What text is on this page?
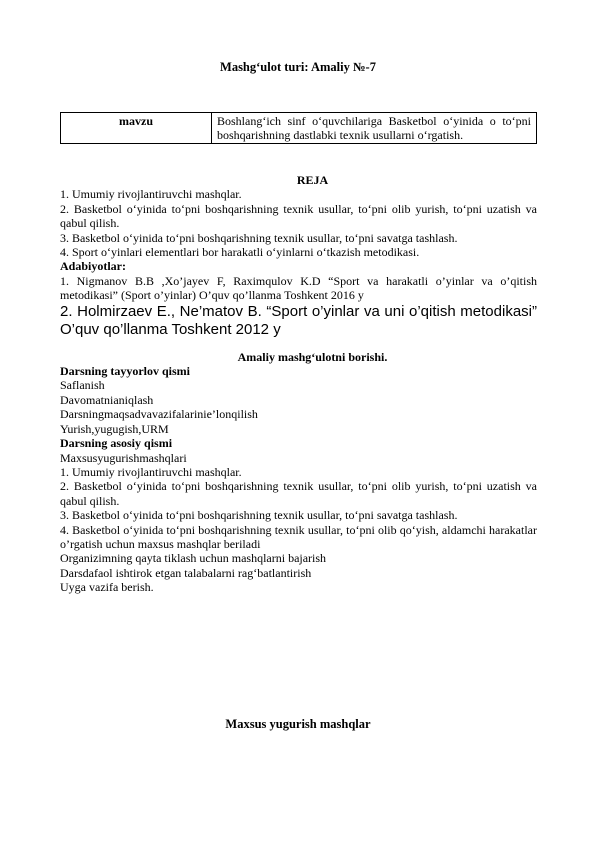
Mashg‘ulot turi: Amaliy №-7
mavzu	Boshlang‘ich sinf o‘quvchilariga Basketbol o‘yinida o to‘pni boshqarishning dastlabki texnik usullarni o‘rgatish.

REJA

1. Umumiy rivojlantiruvchi mashqlar.

2. Basketbol o‘yinida to‘pni boshqarishning texnik usullar, to‘pni olib yurish, to‘pni uzatish va qabul qilish.

3. Basketbol o‘yinida to‘pni boshqarishning texnik usullar, to‘pni savatga tashlash.

4. Sport o‘yinlari elementlari bor harakatli o‘yinlarni o‘tkazish metodikasi.

Adabiyotlar:

1. Nigmanov B.B ,Xo’jayev F, Raximqulov K.D “Sport va harakatli o’yinlar va o’qitish metodikasi” (Sport o’yinlar) O’quv qo’llanma Toshkent 2016 y

2. Holmirzaev E., Ne’matov B. “Sport o’yinlar va uni o’qitish metodikasi” O’quv qo’llanma Toshkent 2012 y

Amaliy mashg‘ulotni borishi.

Darsning tayyorlov qismi

Saflanish

Davomatnianiqlash

Darsningmaqsadvavazifalarinie’lonqilish

Yurish,yugugish,URM

Darsning asosiy qismi

Maxsusyugurishmashqlari

1. Umumiy rivojlantiruvchi mashqlar.

2. Basketbol o‘yinida to‘pni boshqarishning texnik usullar, to‘pni olib yurish, to‘pni uzatish va qabul qilish.

3. Basketbol o‘yinida to‘pni boshqarishning texnik usullar, to‘pni savatga tashlash.

4. Basketbol o‘yinida to‘pni boshqarishning texnik usullar, to‘pni olib qo‘yish, aldamchi harakatlar o’rgatish uchun maxsus mashqlar beriladi

Organizimning qayta tiklash uchun mashqlarni bajarish

Darsdafaol ishtirok etgan talabalarni rag‘batlantirish

Uyga vazifa berish.

Maxsus yugurish mashqlar
